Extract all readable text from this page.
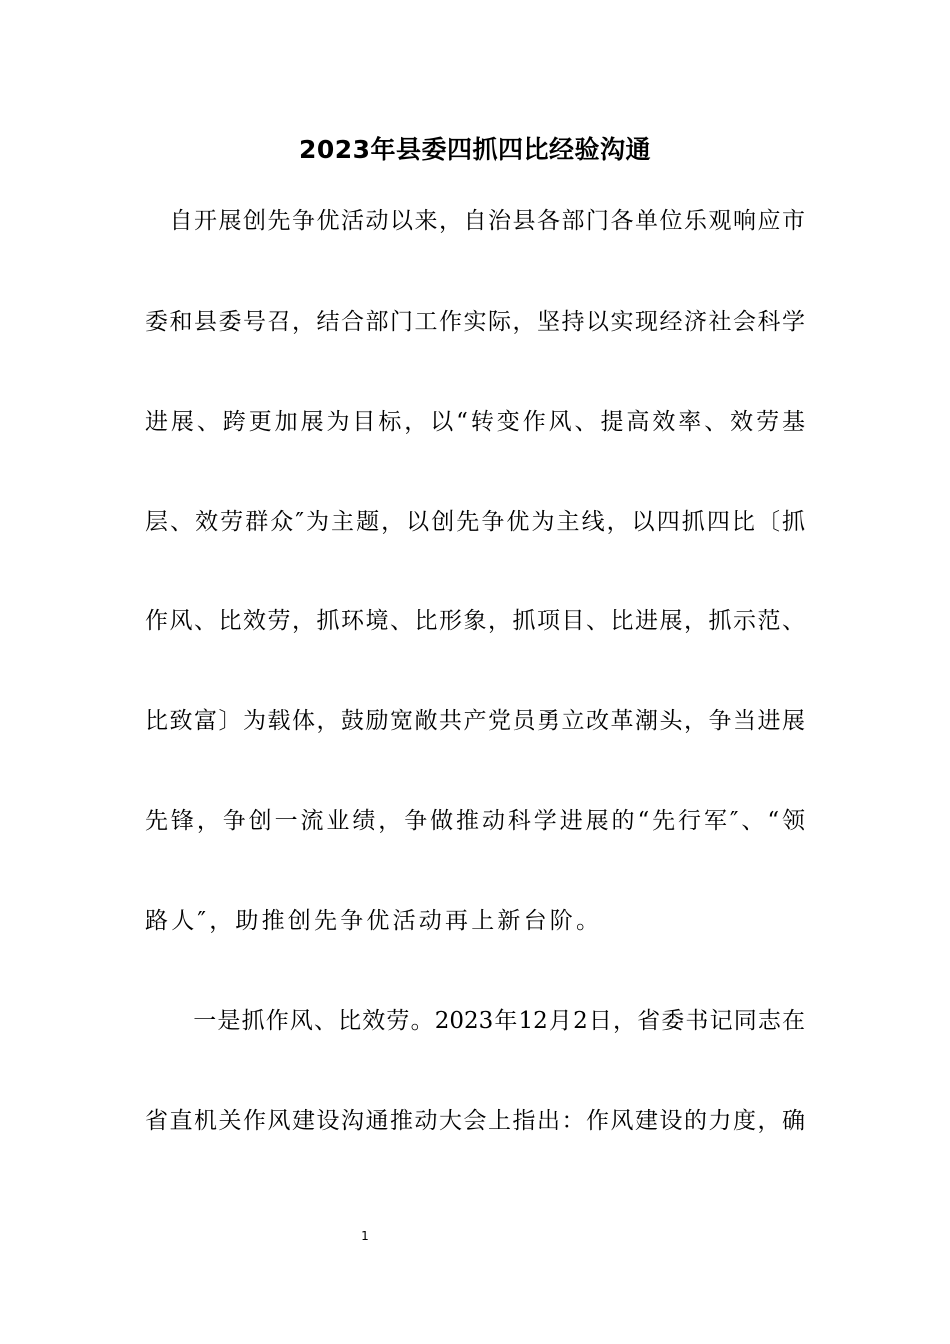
2023年县委四抓四比经验沟通

　自开展创先争优活动以来，自治县各部门各单位乐观响应市

委和县委号召，结合部门工作实际，坚持以实现经济社会科学

进展、跨更加展为目标，以“转变作风、提高效率、效劳基

层、效劳群众″为主题，以创先争优为主线，以四抓四比〔抓

作风、比效劳，抓环境、比形象，抓项目、比进展，抓示范、

比致富〕为载体，鼓励宽敞共产党员勇立改革潮头，争当进展

先锋，争创一流业绩，争做推动科学进展的“先行军″、“领

路人″，助推创先争优活动再上新台阶。

　　一是抓作风、比效劳。2023年12月2日，省委书记同志在

省直机关作风建设沟通推动大会上指出：作风建设的力度，确

1
